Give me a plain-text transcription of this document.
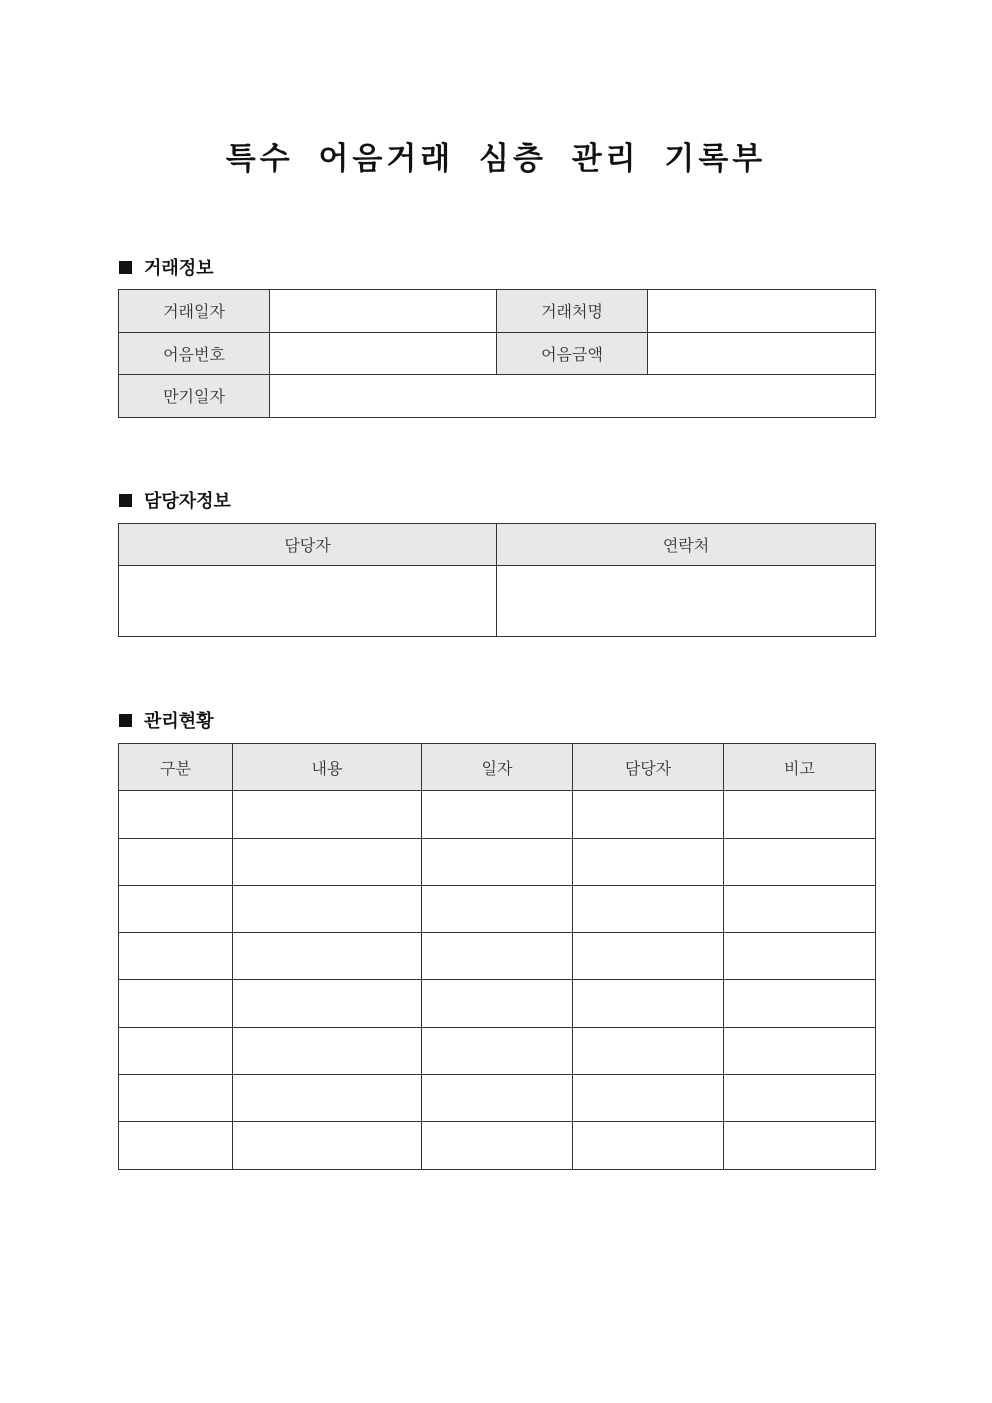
특수 어음거래 심층 관리 기록부
거래정보
거래일자		거래처명	
어음번호		어음금액	
만기일자			
담당자정보
담당자	연락처

관리현황
구분	내용	일자	담당자	비고
